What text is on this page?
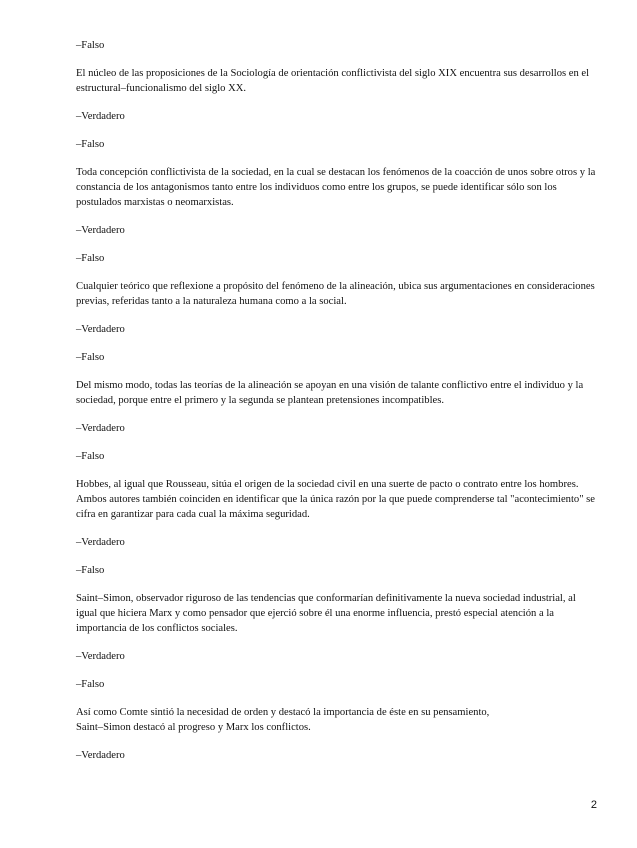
–Falso
El núcleo de las proposiciones de la Sociología de orientación conflictivista del siglo XIX encuentra sus desarrollos en el estructural–funcionalismo del siglo XX.
–Verdadero
–Falso
Toda concepción conflictivista de la sociedad, en la cual se destacan los fenómenos de la coacción de unos sobre otros y la constancia de los antagonismos tanto entre los individuos como entre los grupos, se puede identificar sólo son los postulados marxistas o neomarxistas.
–Verdadero
–Falso
Cualquier teórico que reflexione a propósito del fenómeno de la alineación, ubica sus argumentaciones en consideraciones previas, referidas tanto a la naturaleza humana como a la social.
–Verdadero
–Falso
Del mismo modo, todas las teorías de la alineación se apoyan en una visión de talante conflictivo entre el individuo y la sociedad, porque entre el primero y la segunda se plantean pretensiones incompatibles.
–Verdadero
–Falso
Hobbes, al igual que Rousseau, sitúa el origen de la sociedad civil en una suerte de pacto o contrato entre los hombres. Ambos autores también coinciden en identificar que la única razón por la que puede comprenderse tal "acontecimiento" se cifra en garantizar para cada cual la máxima seguridad.
–Verdadero
–Falso
Saint–Simon, observador riguroso de las tendencias que conformarían definitivamente la nueva sociedad industrial, al igual que hiciera Marx y como pensador que ejerció sobre él una enorme influencia, prestó especial atención a la importancia de los conflictos sociales.
–Verdadero
–Falso
Así como Comte sintió la necesidad de orden y destacó la importancia de éste en su pensamiento,
Saint–Simon destacó al progreso y Marx los conflictos.
–Verdadero
2
